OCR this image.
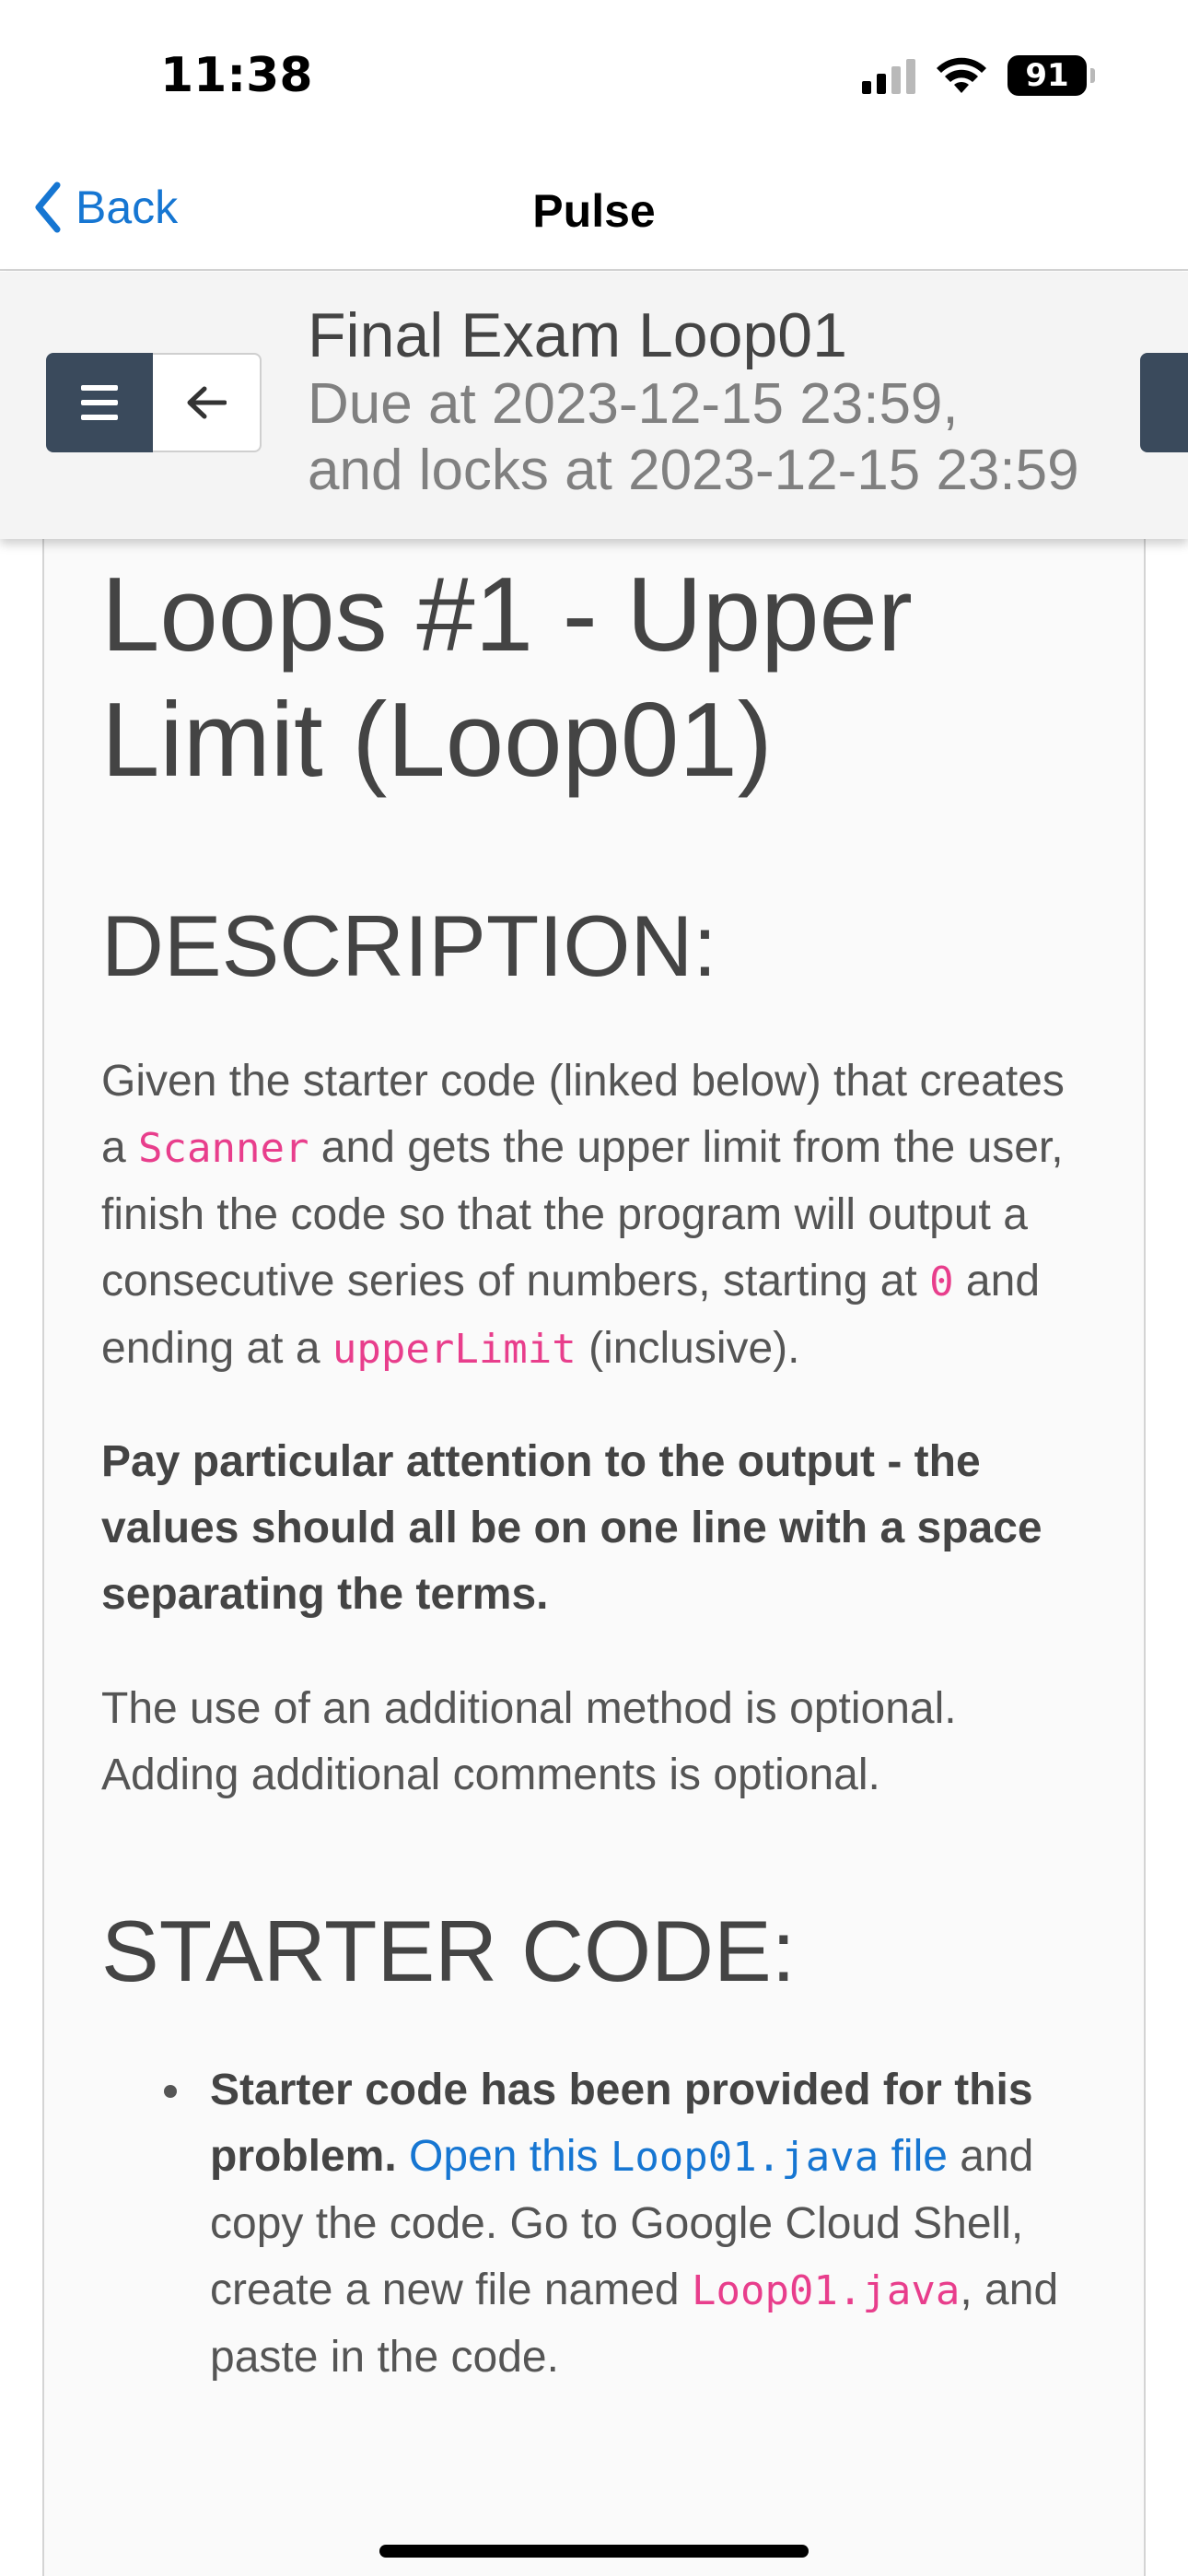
11:38	91
Back	Pulse
Final Exam Loop01
Due at 2023-12-15 23:59,
and locks at 2023-12-15 23:59
Loops #1 - Upper
Limit (Loop01)
DESCRIPTION:

Given the starter code (linked below) that creates a Scanner and gets the upper limit from the user, finish the code so that the program will output a consecutive series of numbers, starting at 0 and ending at a upperLimit (inclusive).

Pay particular attention to the output - the values should all be on one line with a space separating the terms.

The use of an additional method is optional.
Adding additional comments is optional.

STARTER CODE:
Starter code has been provided for this problem. Open this Loop01.java file and copy the code. Go to Google Cloud Shell, create a new file named Loop01.java, and paste in the code.
